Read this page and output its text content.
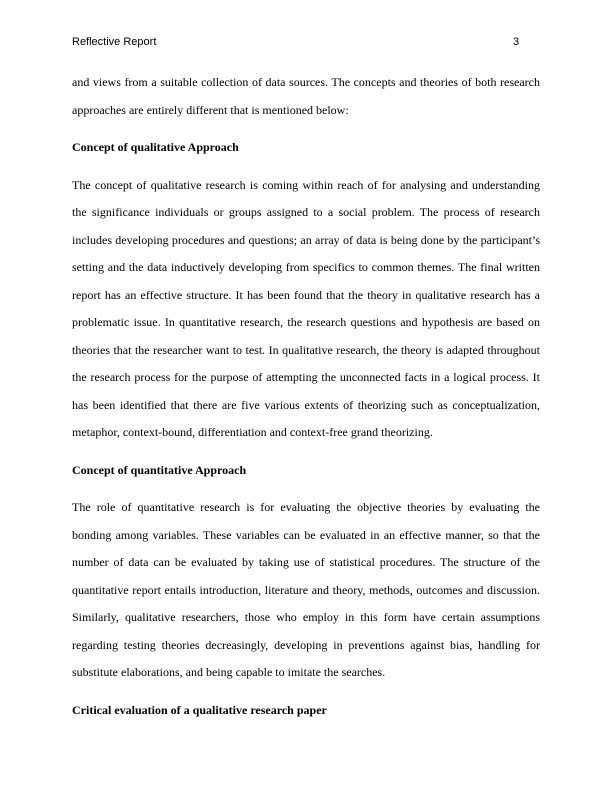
Reflective Report	3

and views from a suitable collection of data sources. The concepts and theories of both research approaches are entirely different that is mentioned below:

Concept of qualitative Approach

The concept of qualitative research is coming within reach of for analysing and understanding the significance individuals or groups assigned to a social problem. The process of research includes developing procedures and questions; an array of data is being done by the participant’s setting and the data inductively developing from specifics to common themes. The final written report has an effective structure. It has been found that the theory in qualitative research has a problematic issue. In quantitative research, the research questions and hypothesis are based on theories that the researcher want to test. In qualitative research, the theory is adapted throughout the research process for the purpose of attempting the unconnected facts in a logical process. It has been identified that there are five various extents of theorizing such as conceptualization, metaphor, context-bound, differentiation and context-free grand theorizing.

Concept of quantitative Approach

The role of quantitative research is for evaluating the objective theories by evaluating the bonding among variables. These variables can be evaluated in an effective manner, so that the number of data can be evaluated by taking use of statistical procedures. The structure of the quantitative report entails introduction, literature and theory, methods, outcomes and discussion. Similarly, qualitative researchers, those who employ in this form have certain assumptions regarding testing theories decreasingly, developing in preventions against bias, handling for substitute elaborations, and being capable to imitate the searches.

Critical evaluation of a qualitative research paper
